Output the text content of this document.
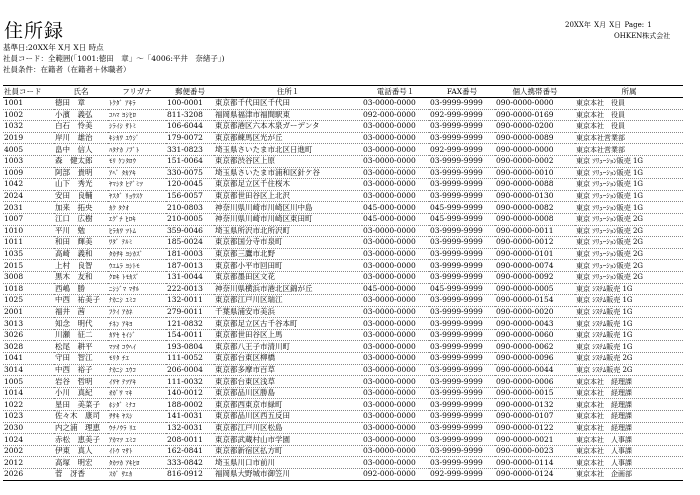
住所録	20XX年 X月 X日 Page: 1
OHKEN株式会社
基準日:20XX年 X月 X日 時点
社員コード：全範囲(「1001:徳田　章」～「4006:平井　奈緒子」)
社員条件：在籍者（在籍者＋休職者）
社員コード	氏名	フリガナ	郵便番号	住所１	電話番号１	FAX番号	個人携帯番号	所属
1001	徳田　章	ﾄｸﾀﾞ ｱｷﾗ	100-0001	東京都千代田区千代田	03-0000-0000	03-9999-9999	090-0000-0000	東京本社　役員
1002	小濱　義弘	ｺﾊﾏ ﾖｼﾋﾛ	811-3208	福岡県福津市福間駅東	092-000-0000	092-999-9999	090-0000-0169	東京本社　役員
1032	白石　怜美	ｼﾗｲｼ ｻﾄﾐ	106-6044	東京都港区六本木泉ガーデンタ	03-0000-0000	03-9999-9999	090-0000-0200	東京本社　役員
2019	岸川　雄治	ｷｼｶﾜ ﾕｳｼﾞ	179-0072	東京都練馬区光が丘	03-0000-0000	03-9999-9999	090-0000-0089	東京本社営業部
4005	畠中　信人	ﾊﾀﾅｶ ﾉﾌﾞﾄ	331-0823	埼玉県さいたま市北区日進町	03-0000-0000	092-999-9999	090-0000-0000	東京本社営業部
1003	森　健太郎	ﾓﾘ ｹﾝﾀﾛｳ	151-0064	東京都渋谷区上原	03-0000-0000	03-9999-9999	090-0000-0002	東京 ｿﾘｭｰｼｮﾝ販売 1G
1009	阿部　貴明	ｱﾍﾞ ﾀｶｱｷ	330-0075	埼玉県さいたま市浦和区針ケ谷	03-0000-0000	03-9999-9999	090-0000-0010	東京 ｿﾘｭｰｼｮﾝ販売 1G
1042	山下　秀光	ﾔﾏｼﾀ ﾋﾃﾞﾐﾂ	120-0045	東京都足立区千住桜木	03-0000-0000	03-9999-9999	090-0000-0088	東京 ｿﾘｭｰｼｮﾝ販売 1G
2024	安田　良輔	ﾔｽﾀﾞ ﾘｮｳｽｹ	156-0057	東京都世田谷区上北沢	03-0000-0000	03-9999-9999	090-0000-0130	東京 ｿﾘｭｰｼｮﾝ販売 1G
2031	加来　拓央	ｶｸ ﾀｸｵ	210-0803	神奈川県川崎市川崎区川中島	045-000-0000	045-999-9999	090-0000-0082	東京 ｿﾘｭｰｼｮﾝ販売 1G
1007	江口　広樹	ｴｸﾞﾁ ﾋﾛｷ	210-0005	神奈川県川崎市川崎区東田町	045-000-0000	045-999-9999	090-0000-0008	東京 ｿﾘｭｰｼｮﾝ販売 2G
1010	平川　勉	ﾋﾗｶﾜ ﾂﾄﾑ	359-0046	埼玉県所沢市北所沢町	03-0000-0000	03-9999-9999	090-0000-0011	東京 ｿﾘｭｰｼｮﾝ販売 2G
1011	和田　輝美	ﾜﾀﾞ ﾃﾙﾐ	185-0024	東京都国分寺市泉町	03-0000-0000	03-9999-9999	090-0000-0012	東京 ｿﾘｭｰｼｮﾝ販売 2G
1035	高崎　義和	ﾀｶｻｷ ﾖｼｶｽﾞ	181-0003	東京都三鷹市北野	03-0000-0000	03-9999-9999	090-0000-0101	東京 ｿﾘｭｰｼｮﾝ販売 2G
2015	上村　良智	ｳｴﾑﾗ ﾖｼﾄﾓ	187-0013	東京都小平市回田町	03-0000-0000	03-9999-9999	090-0000-0074	東京 ｿﾘｭｰｼｮﾝ販売 2G
3008	黒木　友和	ｸﾛｷ ﾄﾓｶｽﾞ	131-0044	東京都墨田区文花	03-0000-0000	03-9999-9999	090-0000-0092	東京 ｿﾘｭｰｼｮﾝ販売 2G
1018	西嶋　勝	ﾆｼｼﾞﾏ ﾏｻﾙ	222-0013	神奈川県横浜市港北区錦が丘	045-000-0000	045-999-9999	090-0000-0005	東京 ｼｽﾃﾑ販売 1G
1025	中西　祐美子	ﾅｶﾆｼ ﾕﾐｺ	132-0011	東京都江戸川区瑞江	03-0000-0000	03-9999-9999	090-0000-0154	東京 ｼｽﾃﾑ販売 1G
2001	福井　茜	ﾌｸｲ ｱｶﾈ	279-0011	千葉県浦安市美浜	03-0000-0000	03-9999-9999	090-0000-0020	東京 ｼｽﾃﾑ販売 1G
3013	知念　明代	ﾁﾈﾝ ｱｷﾖ	121-0832	東京都足立区古千谷本町	03-0000-0000	03-9999-9999	090-0000-0043	東京 ｼｽﾃﾑ販売 1G
3026	川瀬　征二	ｶﾜｾ ｾｲｼﾞ	154-0011	東京都世田谷区上馬	03-0000-0000	03-9999-9999	090-0000-0060	東京 ｼｽﾃﾑ販売 1G
3028	松尾　耕平	ﾏﾂｵ ｺｳﾍｲ	193-0804	東京都八王子市清川町	03-0000-0000	03-9999-9999	090-0000-0062	東京 ｼｽﾃﾑ販売 1G
1041	守田　智江	ﾓﾘﾀ ﾁｴ	111-0052	東京都台東区柳橋	03-0000-0000	03-9999-9999	090-0000-0096	東京 ｼｽﾃﾑ販売 2G
3014	中西　裕子	ﾅｶﾆｼ ﾕｳｺ	206-0004	東京都多摩市百草	03-0000-0000	03-9999-9999	090-0000-0044	東京 ｼｽﾃﾑ販売 2G
1005	岩谷　哲明	ｲﾜﾔ ﾃﾂｱｷ	111-0032	東京都台東区浅草	03-0000-0000	03-9999-9999	090-0000-0006	東京本社　経理課
1014	小川　真紀	ｵｶﾞﾜ ﾏｷ	140-0012	東京都品川区勝島	03-0000-0000	03-9999-9999	090-0000-0015	東京本社　経理課
1022	星田　美菜子	ﾎｼﾀﾞ ﾐﾅｺ	188-0002	東京都西東京市緑町	03-0000-0000	03-9999-9999	090-0000-0132	東京本社　経理課
1023	佐々木　康司	ｻｻｷ ﾔｽｼ	141-0031	東京都品川区西五反田	03-0000-0000	03-9999-9999	090-0000-0107	東京本社　経理課
2030	内之浦　理恵	ｳﾁﾉｳﾗ ﾘｴ	132-0031	東京都江戸川区松島	03-0000-0000	03-9999-9999	090-0000-0122	東京本社　経理課
1024	赤松　恵美子	ｱｶﾏﾂ ｴﾐｺ	208-0011	東京都武蔵村山市学園	03-0000-0000	03-9999-9999	090-0000-0021	東京本社　人事課
2002	伊東　真人	ｲﾄｳ ﾏｻﾄ	162-0841	東京都新宿区払方町	03-0000-0000	03-9999-9999	090-0000-0023	東京本社　人事課
2012	高塚　明宏	ﾀｶﾂｶ ｱｷﾋﾛ	333-0842	埼玉県川口市前川	03-0000-0000	03-9999-9999	090-0000-0114	東京本社　人事課
2026	菅　冴香	ｽｶﾞ ｻｴｶ	816-0912	福岡県大野城市御笠川	092-000-0000	092-999-9999	090-0000-0124	東京本社　企画部
